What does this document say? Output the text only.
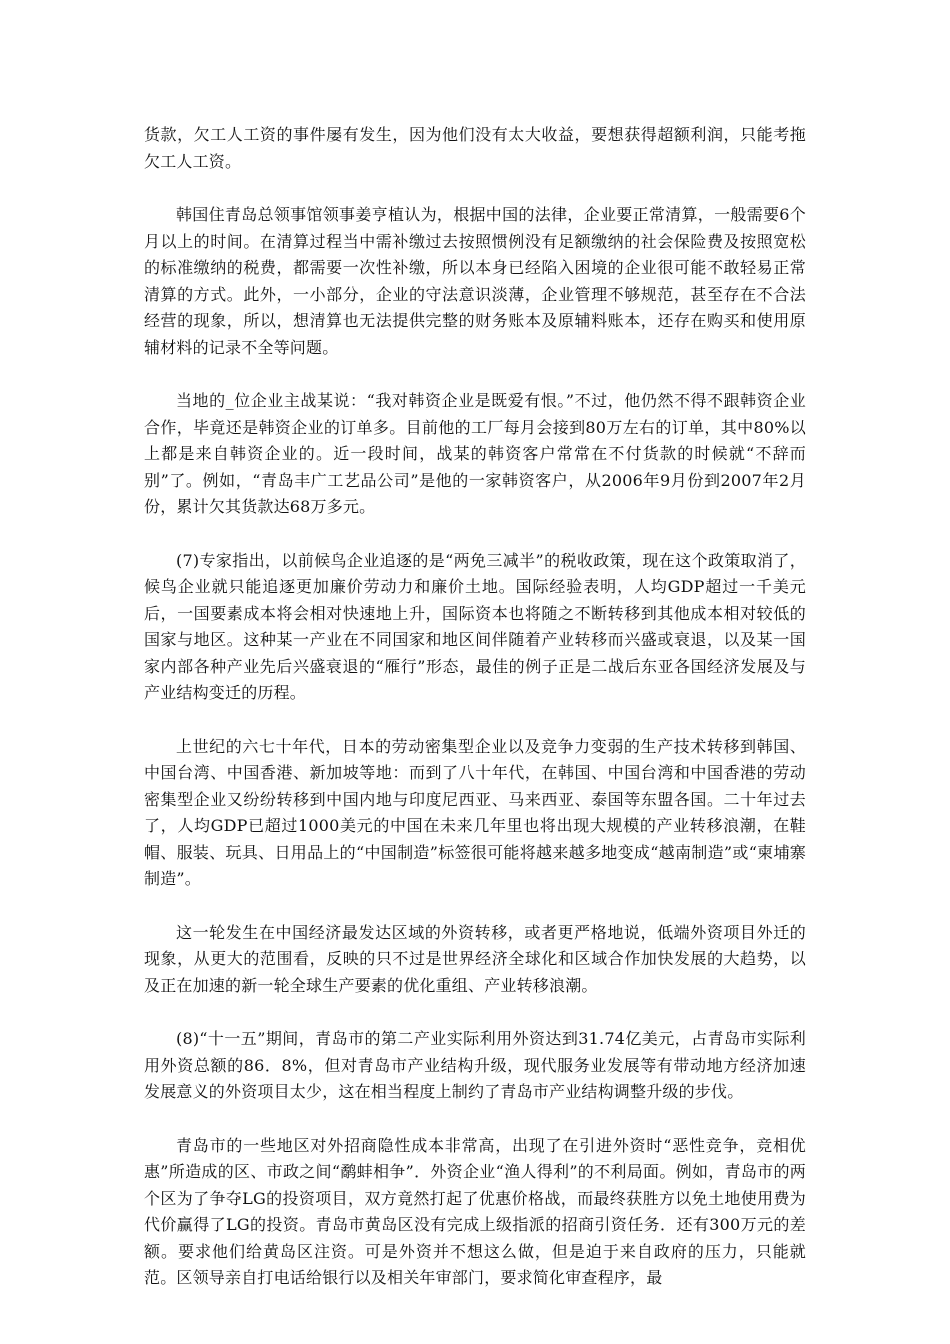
货款，欠工人工资的事件屡有发生，因为他们没有太大收益，要想获得超额利润，只能考拖欠工人工资。

韩国住青岛总领事馆领事姜亨植认为，根据中国的法律，企业要正常清算，一般需要6个月以上的时间。在清算过程当中需补缴过去按照惯例没有足额缴纳的社会保险费及按照宽松的标准缴纳的税费，都需要一次性补缴，所以本身已经陷入困境的企业很可能不敢轻易正常清算的方式。此外，一小部分，企业的守法意识淡薄，企业管理不够规范，甚至存在不合法经营的现象，所以，想清算也无法提供完整的财务账本及原辅料账本，还存在购买和使用原辅材料的记录不全等问题。

当地的_位企业主战某说：“我对韩资企业是既爱有恨。”不过，他仍然不得不跟韩资企业合作，毕竟还是韩资企业的订单多。目前他的工厂每月会接到80万左右的订单，其中80%以上都是来自韩资企业的。近一段时间，战某的韩资客户常常在不付货款的时候就“不辞而别”了。例如，“青岛丰广工艺品公司”是他的一家韩资客户，从2006年9月份到2007年2月份，累计欠其货款达68万多元。

(7)专家指出，以前候鸟企业追逐的是“两免三减半”的税收政策，现在这个政策取消了，候鸟企业就只能追逐更加廉价劳动力和廉价土地。国际经验表明，人均GDP超过一千美元后，一国要素成本将会相对快速地上升，国际资本也将随之不断转移到其他成本相对较低的国家与地区。这种某一产业在不同国家和地区间伴随着产业转移而兴盛或衰退，以及某一国家内部各种产业先后兴盛衰退的“雁行”形态，最佳的例子正是二战后东亚各国经济发展及与产业结构变迁的历程。

上世纪的六七十年代，日本的劳动密集型企业以及竞争力变弱的生产技术转移到韩国、中国台湾、中国香港、新加坡等地：而到了八十年代，在韩国、中国台湾和中国香港的劳动密集型企业又纷纷转移到中国内地与印度尼西亚、马来西亚、泰国等东盟各国。二十年过去了，人均GDP已超过1000美元的中国在未来几年里也将出现大规模的产业转移浪潮，在鞋帽、服装、玩具、日用品上的“中国制造”标签很可能将越来越多地变成“越南制造”或“柬埔寨制造”。

这一轮发生在中国经济最发达区域的外资转移，或者更严格地说，低端外资项目外迁的现象，从更大的范围看，反映的只不过是世界经济全球化和区域合作加快发展的大趋势，以及正在加速的新一轮全球生产要素的优化重组、产业转移浪潮。

(8)“十一五”期间，青岛市的第二产业实际利用外资达到31.74亿美元，占青岛市实际利用外资总额的86．8%，但对青岛市产业结构升级，现代服务业发展等有带动地方经济加速发展意义的外资项目太少，这在相当程度上制约了青岛市产业结构调整升级的步伐。

青岛市的一些地区对外招商隐性成本非常高，出现了在引进外资时“恶性竞争，竞相优惠”所造成的区、市政之间“鹬蚌相争”．外资企业“渔人得利”的不利局面。例如，青岛市的两个区为了争夺LG的投资项目，双方竟然打起了优惠价格战，而最终获胜方以免土地使用费为代价赢得了LG的投资。青岛市黄岛区没有完成上级指派的招商引资任务．还有300万元的差额。要求他们给黄岛区注资。可是外资并不想这么做，但是迫于来自政府的压力，只能就范。区领导亲自打电话给银行以及相关年审部门，要求简化审查程序，最
